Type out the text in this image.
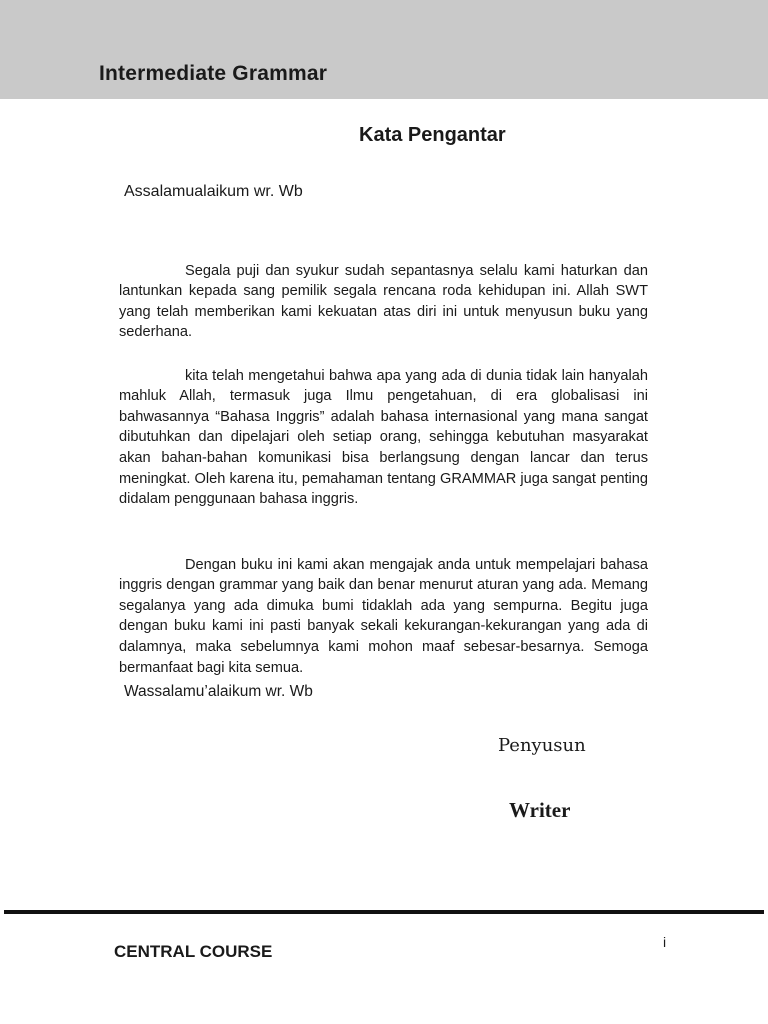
Intermediate Grammar
Kata Pengantar
Assalamualaikum wr. Wb

Segala puji dan syukur sudah sepantasnya selalu kami haturkan dan lantunkan kepada sang pemilik segala rencana roda kehidupan ini. Allah SWT yang telah memberikan kami kekuatan atas diri ini untuk menyusun buku yang sederhana.

kita telah mengetahui bahwa apa yang ada di dunia tidak lain hanyalah mahluk Allah, termasuk juga Ilmu pengetahuan, di era globalisasi ini bahwasannya “Bahasa Inggris” adalah bahasa internasional yang mana sangat dibutuhkan dan dipelajari oleh setiap orang, sehingga kebutuhan masyarakat akan bahan-bahan komunikasi bisa berlangsung dengan lancar dan terus meningkat. Oleh karena itu, pemahaman tentang GRAMMAR juga sangat penting didalam penggunaan bahasa inggris.

Dengan buku ini kami akan mengajak anda untuk mempelajari bahasa inggris dengan grammar yang baik dan benar menurut aturan yang ada. Memang segalanya yang ada dimuka bumi tidaklah ada yang sempurna. Begitu juga dengan buku kami ini pasti banyak sekali kekurangan-kekurangan yang ada di dalamnya, maka sebelumnya kami mohon maaf sebesar-besarnya. Semoga bermanfaat bagi kita semua.

Wassalamu’alaikum wr. Wb
Penyusun
Writer
CENTRAL COURSE	i
